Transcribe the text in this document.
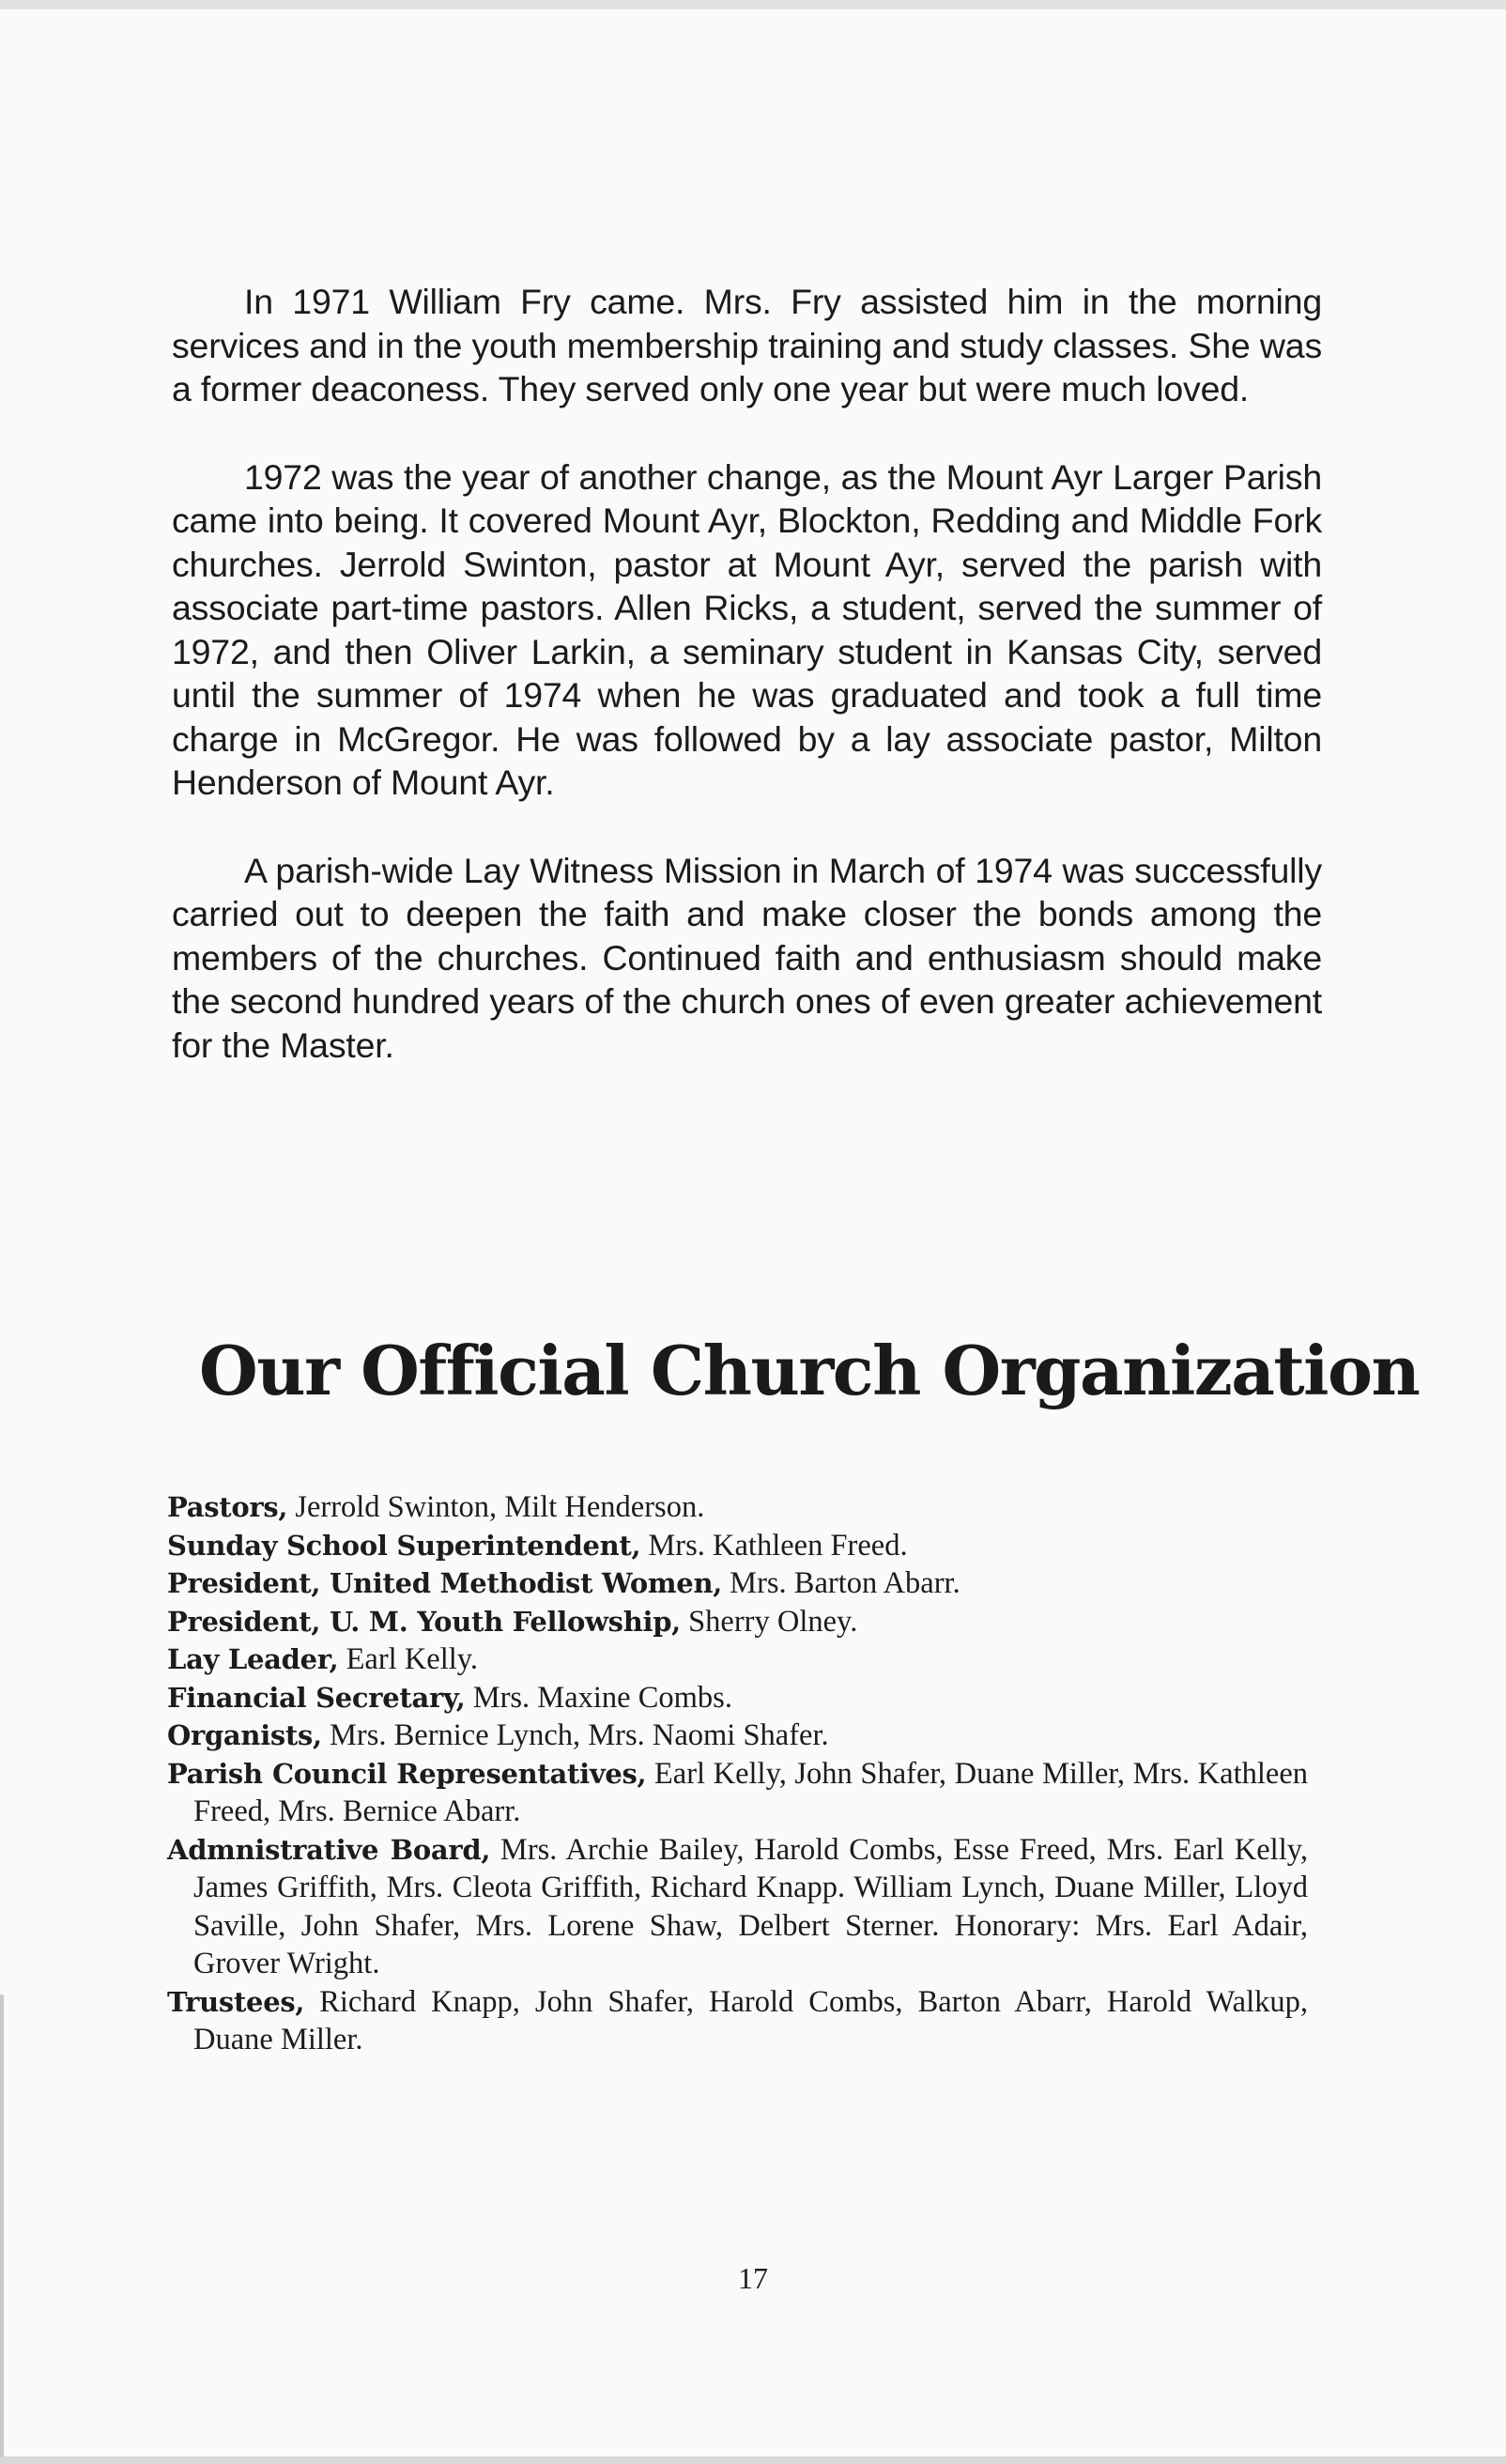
In 1971 William Fry came. Mrs. Fry assisted him in the morning services and in the youth membership training and study classes. She was a former deaconess. They served only one year but were much loved.

1972 was the year of another change, as the Mount Ayr Larger Parish came into being. It covered Mount Ayr, Blockton, Redding and Middle Fork churches. Jerrold Swinton, pastor at Mount Ayr, served the parish with associate part-time pastors. Allen Ricks, a student, served the summer of 1972, and then Oliver Larkin, a seminary student in Kansas City, served until the summer of 1974 when he was graduated and took a full time charge in McGregor. He was followed by a lay associate pastor, Milton Henderson of Mount Ayr.

A parish-wide Lay Witness Mission in March of 1974 was successfully carried out to deepen the faith and make closer the bonds among the members of the churches. Continued faith and enthusiasm should make the second hundred years of the church ones of even greater achievement for the Master.

Our Official Church Organization
Pastors, Jerrold Swinton, Milt Henderson.
Sunday School Superintendent, Mrs. Kathleen Freed.
President, United Methodist Women, Mrs. Barton Abarr.
President, U. M. Youth Fellowship, Sherry Olney.
Lay Leader, Earl Kelly.
Financial Secretary, Mrs. Maxine Combs.
Organists, Mrs. Bernice Lynch, Mrs. Naomi Shafer.
Parish Council Representatives, Earl Kelly, John Shafer, Duane Miller, Mrs. Kathleen Freed, Mrs. Bernice Abarr.
Admnistrative Board, Mrs. Archie Bailey, Harold Combs, Esse Freed, Mrs. Earl Kelly, James Griffith, Mrs. Cleota Griffith, Richard Knapp. William Lynch, Duane Miller, Lloyd Saville, John Shafer, Mrs. Lorene Shaw, Delbert Sterner. Honorary: Mrs. Earl Adair, Grover Wright.
Trustees, Richard Knapp, John Shafer, Harold Combs, Barton Abarr, Harold Walkup, Duane Miller.
17
